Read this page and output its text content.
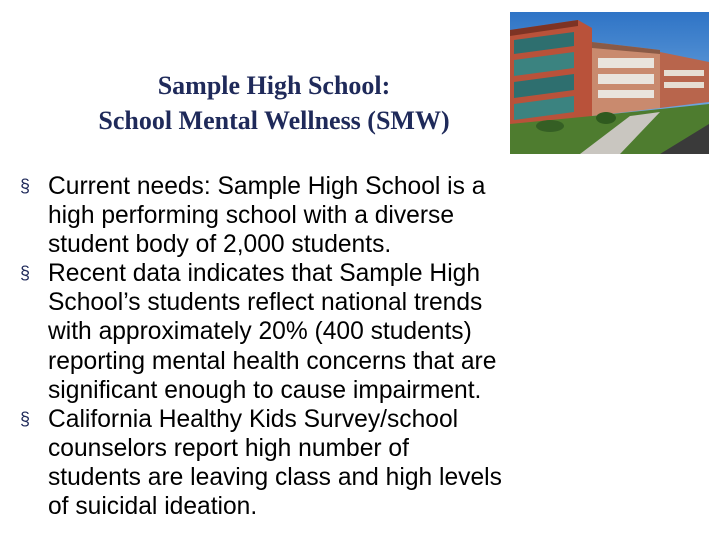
Sample High School:
School Mental Wellness (SMW)
§ Current needs: Sample High School is a
high performing school with a diverse
student body of 2,000 students.
§ Recent data indicates that Sample High
School’s students reflect national trends
with approximately 20% (400 students)
reporting mental health concerns that are
significant enough to cause impairment.
§ California Healthy Kids Survey/school
counselors report high number of
students are leaving class and high levels
of suicidal ideation.
